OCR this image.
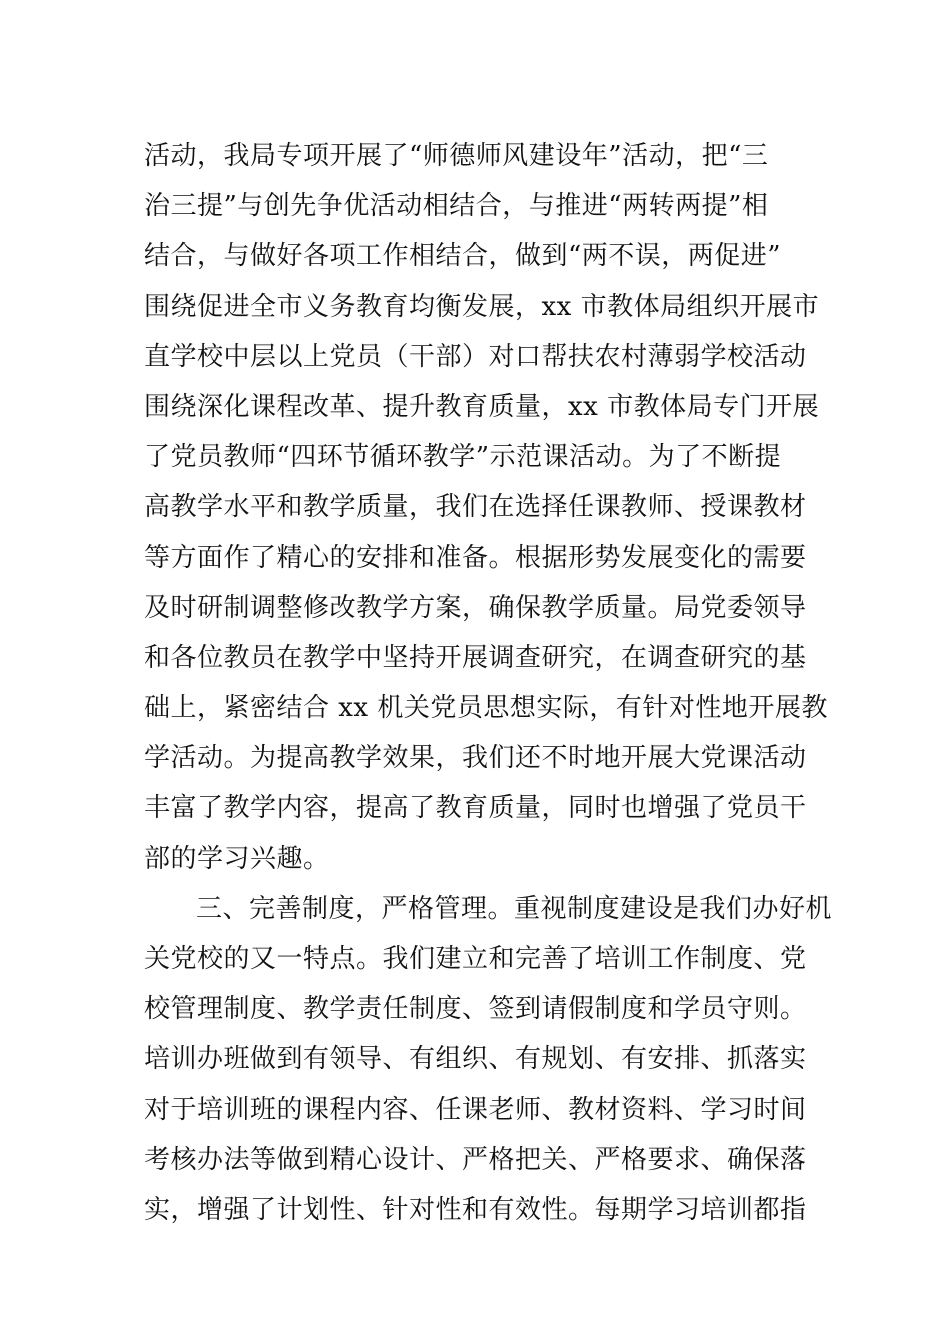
活动，我局专项开展了“师德师风建设年”活动，把“三
治三提”与创先争优活动相结合，与推进“两转两提”相
结合，与做好各项工作相结合，做到“两不误，两促进”
围绕促进全市义务教育均衡发展，xx 市教体局组织开展市
直学校中层以上党员（干部）对口帮扶农村薄弱学校活动
围绕深化课程改革、提升教育质量，xx 市教体局专门开展
了党员教师“四环节循环教学”示范课活动。为了不断提
高教学水平和教学质量，我们在选择任课教师、授课教材
等方面作了精心的安排和准备。根据形势发展变化的需要
及时研制调整修改教学方案，确保教学质量。局党委领导
和各位教员在教学中坚持开展调查研究，在调查研究的基
础上，紧密结合 xx 机关党员思想实际，有针对性地开展教
学活动。为提高教学效果，我们还不时地开展大党课活动
丰富了教学内容，提高了教育质量，同时也增强了党员干
部的学习兴趣。
三、完善制度，严格管理。重视制度建设是我们办好机
关党校的又一特点。我们建立和完善了培训工作制度、党
校管理制度、教学责任制度、签到请假制度和学员守则。
培训办班做到有领导、有组织、有规划、有安排、抓落实
对于培训班的课程内容、任课老师、教材资料、学习时间
考核办法等做到精心设计、严格把关、严格要求、确保落
实，增强了计划性、针对性和有效性。每期学习培训都指
